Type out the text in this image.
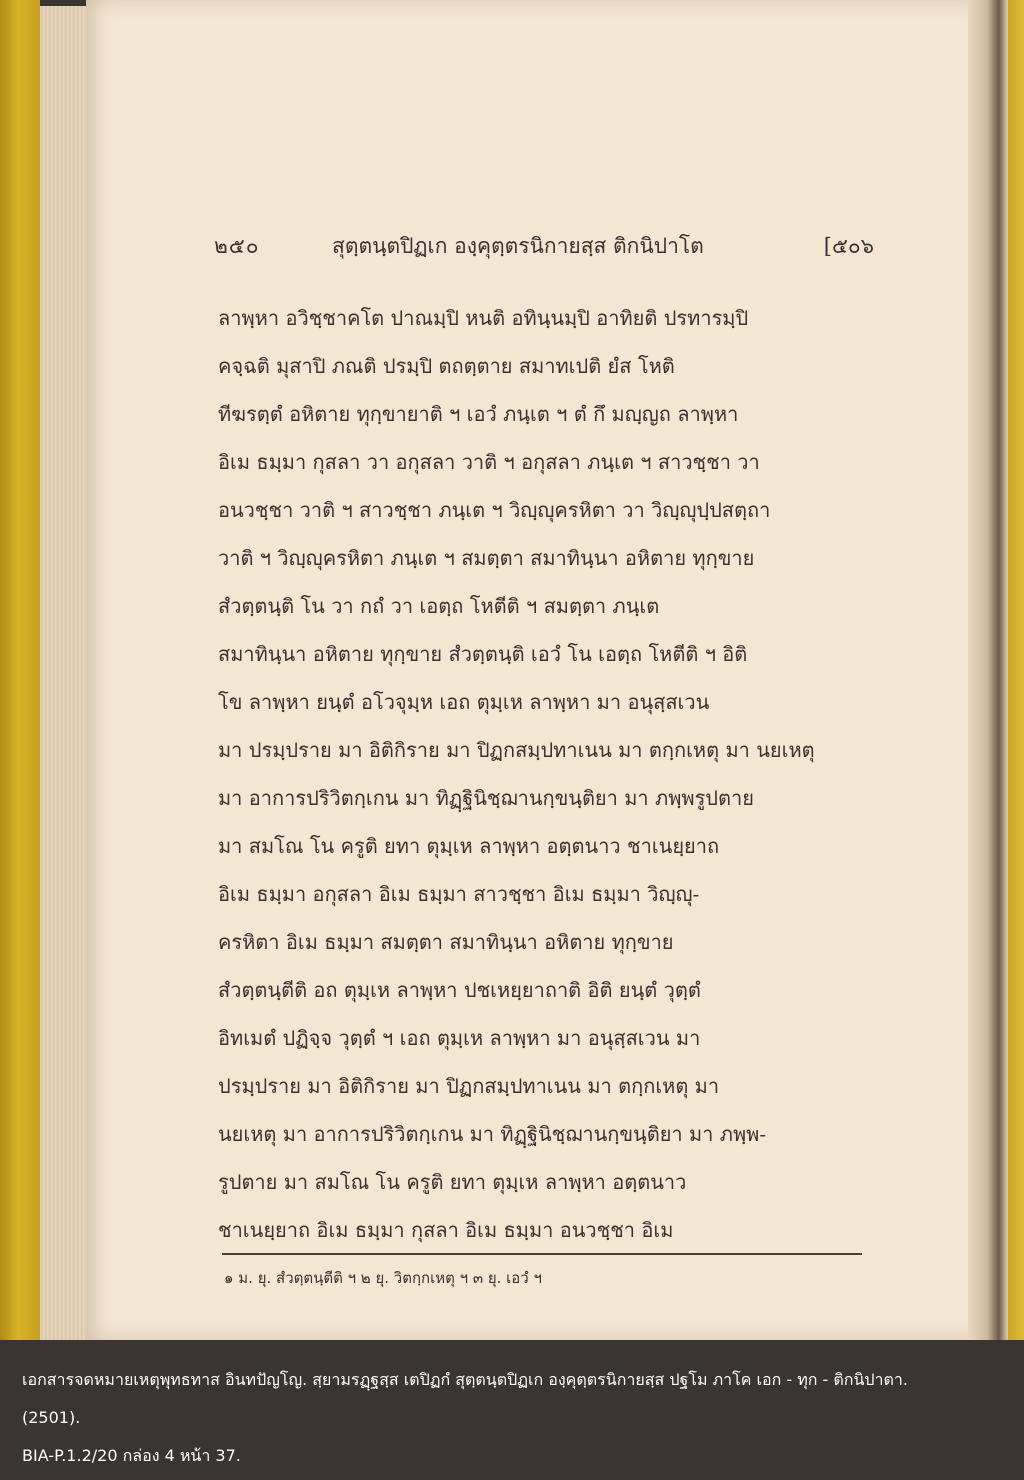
๒๕๐	สุตฺตนฺตปิฏเก องฺคุตฺตรนิกายสฺส ติกนิปาโต	[๕๐๖
ลาพฺหา อวิชฺชาคโต ปาณมฺปิ หนติ อทินฺนมฺปิ อาทิยติ ปรทารมฺปิ
คจฺฉติ มุสาปิ ภณติ ปรมฺปิ ตถตฺตาย สมาทเปติ ยํส โหติ
ทีฆรตฺตํ อหิตาย ทุกฺขายาติ ฯ เอวํ ภนฺเต ฯ ตํ กึ มญฺญถ ลาพฺหา
อิเม ธมฺมา กุสลา วา อกุสลา วาติ ฯ อกุสลา ภนฺเต ฯ สาวชฺชา วา
อนวชฺชา วาติ ฯ สาวชฺชา ภนฺเต ฯ วิญฺญุครหิตา วา วิญฺญุปฺปสตฺถา
วาติ ฯ วิญฺญุครหิตา ภนฺเต ฯ สมตฺตา สมาทินฺนา อหิตาย ทุกฺขาย
สํวตฺตนฺติ โน วา กถํ วา เอตฺถ โหตีติ ฯ สมตฺตา ภนฺเต
สมาทินฺนา อหิตาย ทุกฺขาย สํวตฺตนฺติ เอวํ โน เอตฺถ โหตีติ ฯ อิติ
โข ลาพฺหา ยนฺตํ อโวจุมฺห เอถ ตุมฺเห ลาพฺหา มา อนุสฺสเวน
มา ปรมฺปราย มา อิติกิราย มา ปิฏกสมฺปทาเนน มา ตกฺกเหตุ มา นยเหตุ
มา อาการปริวิตกฺเกน มา ทิฏฺฐินิชฺฌานกฺขนฺติยา มา ภพฺพรูปตาย
มา สมโณ โน ครูติ ยทา ตุมฺเห ลาพฺหา อตฺตนาว ชาเนยฺยาถ
อิเม ธมฺมา อกุสลา อิเม ธมฺมา สาวชฺชา อิเม ธมฺมา วิญฺญุ-
ครหิตา อิเม ธมฺมา สมตฺตา สมาทินฺนา อหิตาย ทุกฺขาย
สํวตฺตนฺตีติ อถ ตุมฺเห ลาพฺหา ปชเหยฺยาถาติ อิติ ยนฺตํ วุตฺตํ
อิทเมตํ ปฏิจฺจ วุตฺตํ ฯ เอถ ตุมฺเห ลาพฺหา มา อนุสฺสเวน มา
ปรมฺปราย มา อิติกิราย มา ปิฏกสมฺปทาเนน มา ตกฺกเหตุ มา
นยเหตุ มา อาการปริวิตกฺเกน มา ทิฏฺฐินิชฺฌานกฺขนฺติยา มา ภพฺพ-
รูปตาย มา สมโณ โน ครูติ ยทา ตุมฺเห ลาพฺหา อตฺตนาว
ชาเนยฺยาถ อิเม ธมฺมา กุสลา อิเม ธมฺมา อนวชฺชา อิเม
๑ ม. ยุ. สํวตฺตนฺตีติ ฯ ๒ ยุ. วิตกฺกเหตุ ฯ ๓ ยุ. เอวํ ฯ
เอกสารจดหมายเหตุพุทธทาส อินทปัญโญ. สฺยามรฏฺฐสฺส เตปิฏกํ สุตฺตนฺตปิฏเก องฺคุตฺตรนิกายสฺส ปฐโม ภาโค เอก - ทุก - ติกนิปาตา.
(2501).
BIA-P.1.2/20 กล่อง 4 หน้า 37.
